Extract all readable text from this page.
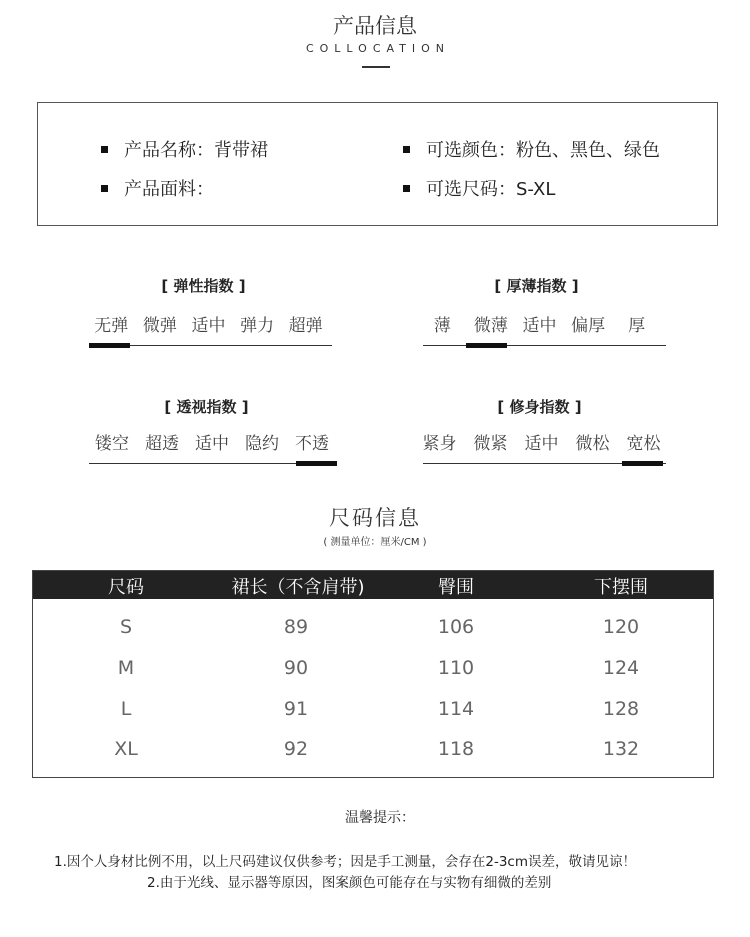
产品信息
COLLOCATION
产品名称：背带裙	可选颜色：粉色、黑色、绿色
产品面料：	可选尺码：S-XL
[ 弹性指数 ]
无弹 微弹 适中 弹力 超弹
[ 厚薄指数 ]
薄	微薄 适中 偏厚	厚
[ 透视指数 ]
镂空 超透 适中 隐约 不透
[ 修身指数 ]
紧身	微紧	适中	微松	宽松
尺码信息
( 测量单位：厘米/CM )
尺码	裙长（不含肩带)	臀围	下摆围
S	89	106	120
M	90	110	124
L	91	114	128
XL	92	118	132
温馨提示：
1.因个人身材比例不用，以上尺码建议仅供参考；因是手工测量，会存在2-3cm误差，敬请见谅！
2.由于光线、显示器等原因，图案颜色可能存在与实物有细微的差别
